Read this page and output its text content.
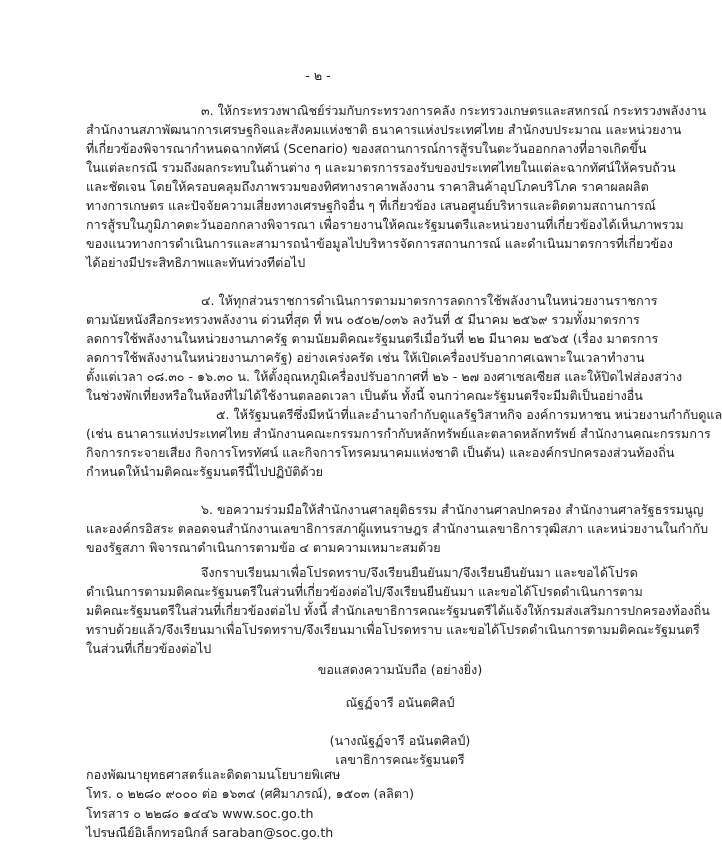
- ๒ -
๓. ให้กระทรวงพาณิชย์ร่วมกับกระทรวงการคลัง กระทรวงเกษตรและสหกรณ์ กระทรวงพลังงาน
สำนักงานสภาพัฒนาการเศรษฐกิจและสังคมแห่งชาติ ธนาคารแห่งประเทศไทย สำนักงบประมาณ และหน่วยงาน
ที่เกี่ยวข้องพิจารณากำหนดฉากทัศน์ (Scenario) ของสถานการณ์การสู้รบในตะวันออกกลางที่อาจเกิดขึ้น
ในแต่ละกรณี รวมถึงผลกระทบในด้านต่าง ๆ และมาตรการรองรับของประเทศไทยในแต่ละฉากทัศน์ให้ครบถ้วน
และชัดเจน โดยให้ครอบคลุมถึงภาพรวมของทิศทางราคาพลังงาน ราคาสินค้าอุปโภคบริโภค ราคาผลผลิต
ทางการเกษตร และปัจจัยความเสี่ยงทางเศรษฐกิจอื่น ๆ ที่เกี่ยวข้อง เสนอศูนย์บริหารและติดตามสถานการณ์
การสู้รบในภูมิภาคตะวันออกกลางพิจารณา เพื่อรายงานให้คณะรัฐมนตรีและหน่วยงานที่เกี่ยวข้องได้เห็นภาพรวม
ของแนวทางการดำเนินการและสามารถนำข้อมูลไปบริหารจัดการสถานการณ์ และดำเนินมาตรการที่เกี่ยวข้อง
ได้อย่างมีประสิทธิภาพและทันท่วงทีต่อไป
๔. ให้ทุกส่วนราชการดำเนินการตามมาตรการลดการใช้พลังงานในหน่วยงานราชการ
ตามนัยหนังสือกระทรวงพลังงาน ด่วนที่สุด ที่ พน ๐๕๐๒/๐๓๖ ลงวันที่ ๕ มีนาคม ๒๕๖๙ รวมทั้งมาตรการ
ลดการใช้พลังงานในหน่วยงานภาครัฐ ตามนัยมติคณะรัฐมนตรีเมื่อวันที่ ๒๒ มีนาคม ๒๕๖๕ (เรื่อง มาตรการ
ลดการใช้พลังงานในหน่วยงานภาครัฐ) อย่างเคร่งครัด เช่น ให้เปิดเครื่องปรับอากาศเฉพาะในเวลาทำงาน
ตั้งแต่เวลา ๐๘.๓๐ - ๑๖.๓๐ น. ให้ตั้งอุณหภูมิเครื่องปรับอากาศที่ ๒๖ - ๒๗ องศาเซลเซียส และให้ปิดไฟส่องสว่าง
ในช่วงพักเที่ยงหรือในห้องที่ไม่ได้ใช้งานตลอดเวลา เป็นต้น ทั้งนี้ จนกว่าคณะรัฐมนตรีจะมีมติเป็นอย่างอื่น
๕. ให้รัฐมนตรีซึ่งมีหน้าที่และอำนาจกำกับดูแลรัฐวิสาหกิจ องค์การมหาชน หน่วยงานกำกับดูแล
(เช่น ธนาคารแห่งประเทศไทย สำนักงานคณะกรรมการกำกับหลักทรัพย์และตลาดหลักทรัพย์ สำนักงานคณะกรรมการ
กิจการกระจายเสียง กิจการโทรทัศน์ และกิจการโทรคมนาคมแห่งชาติ เป็นต้น) และองค์กรปกครองส่วนท้องถิ่น
กำหนดให้นำมติคณะรัฐมนตรีนี้ไปปฏิบัติด้วย
๖. ขอความร่วมมือให้สำนักงานศาลยุติธรรม สำนักงานศาลปกครอง สำนักงานศาลรัฐธรรมนูญ
และองค์กรอิสระ ตลอดจนสำนักงานเลขาธิการสภาผู้แทนราษฎร สำนักงานเลขาธิการวุฒิสภา และหน่วยงานในกำกับ
ของรัฐสภา พิจารณาดำเนินการตามข้อ ๔ ตามความเหมาะสมด้วย
จึงกราบเรียนมาเพื่อโปรดทราบ/จึงเรียนยืนยันมา/จึงเรียนยืนยันมา และขอได้โปรด
ดำเนินการตามมติคณะรัฐมนตรีในส่วนที่เกี่ยวข้องต่อไป/จึงเรียนยืนยันมา และขอได้โปรดดำเนินการตาม
มติคณะรัฐมนตรีในส่วนที่เกี่ยวข้องต่อไป ทั้งนี้ สำนักเลขาธิการคณะรัฐมนตรีได้แจ้งให้กรมส่งเสริมการปกครองท้องถิ่น
ทราบด้วยแล้ว/จึงเรียนมาเพื่อโปรดทราบ/จึงเรียนมาเพื่อโปรดทราบ และขอได้โปรดดำเนินการตามมติคณะรัฐมนตรี
ในส่วนที่เกี่ยวข้องต่อไป
ขอแสดงความนับถือ (อย่างยิ่ง)
ณัฐฏ์จารี อนันตศิลป์
(นางณัฐฏ์จารี อนันตศิลป์)
เลขาธิการคณะรัฐมนตรี
กองพัฒนายุทธศาสตร์และติดตามนโยบายพิเศษ
โทร. ๐ ๒๒๘๐ ๙๐๐๐ ต่อ ๑๖๓๔ (ศศิมาภรณ์), ๑๕๐๓ (ลลิตา)
โทรสาร ๐ ๒๒๘๐ ๑๔๔๖ www.soc.go.th
ไปรษณีย์อิเล็กทรอนิกส์ saraban@soc.go.th
